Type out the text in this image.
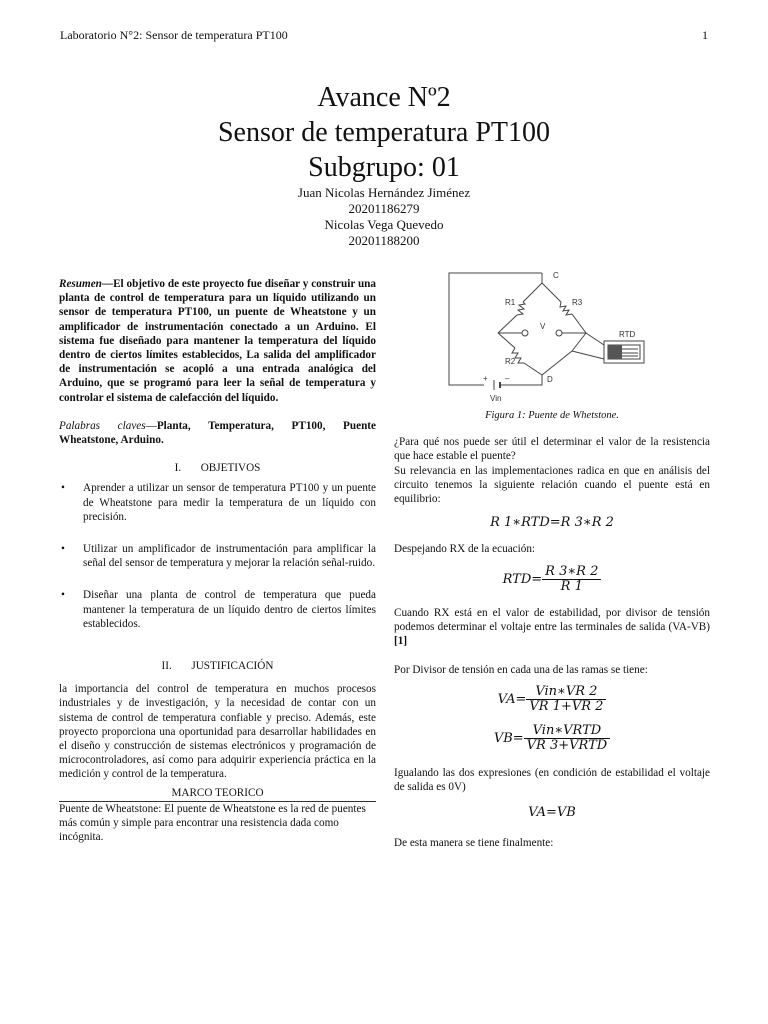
Laboratorio N°2: Sensor de temperatura PT100	1
Avance Nº2
Sensor de temperatura PT100
Subgrupo: 01
Juan Nicolas Hernández Jiménez
20201186279
Nicolas Vega Quevedo
20201188200

Resumen—El objetivo de este proyecto fue diseñar y construir una planta de control de temperatura para un líquido utilizando un sensor de temperatura PT100, un puente de Wheatstone y un amplificador de instrumentación conectado a un Arduino. El sistema fue diseñado para mantener la temperatura del líquido dentro de ciertos límites establecidos, La salida del amplificador de instrumentación se acopló a una entrada analógica del Arduino, que se programó para leer la señal de temperatura y controlar el sistema de calefacción del líquido.

Palabras claves—Planta, Temperatura, PT100, Puente Wheatstone, Arduino.

I. OBJETIVOS

• Aprender a utilizar un sensor de temperatura PT100 y un puente de Wheatstone para medir la temperatura de un líquido con precisión.
• Utilizar un amplificador de instrumentación para amplificar la señal del sensor de temperatura y mejorar la relación señal-ruido.
• Diseñar una planta de control de temperatura que pueda mantener la temperatura de un líquido dentro de ciertos límites establecidos.

II. JUSTIFICACIÓN

la importancia del control de temperatura en muchos procesos industriales y de investigación, y la necesidad de contar con un sistema de control de temperatura confiable y preciso. Además, este proyecto proporciona una oportunidad para desarrollar habilidades en el diseño y construcción de sistemas electrónicos y programación de microcontroladores, así como para adquirir experiencia práctica en la medición y control de la temperatura.

MARCO TEORICO

Puente de Wheatstone: El puente de Wheatstone es la red de puentes más común y simple para encontrar una resistencia dada como incógnita.

C
R1	R3
V
R2
RTD
D
+ –
Vin
Figura 1: Puente de Whetstone.

¿Para qué nos puede ser útil el determinar el valor de la resistencia que hace estable el puente?

Su relevancia en las implementaciones radica en que en análisis del circuito tenemos la siguiente relación cuando el puente está en equilibrio:

R 1∗RTD=R 3∗R 2

Despejando RX de la ecuación:

$RTD= \frac{R 3∗R 2}{R 1}$

Cuando RX está en el valor de estabilidad, por divisor de tensión podemos determinar el voltaje entre las terminales de salida (VA-VB) [1]

Por Divisor de tensión en cada una de las ramas se tiene:

$VA= \frac{\text{Vin∗VR 2}}{VR 1+VR 2}$
$VB= \frac{\text{Vin∗VRTD}}{\text{VR 3+VRTD}}$

Igualando las dos expresiones (en condición de estabilidad el voltaje de salida es 0V)

VA=VB

De esta manera se tiene finalmente:
